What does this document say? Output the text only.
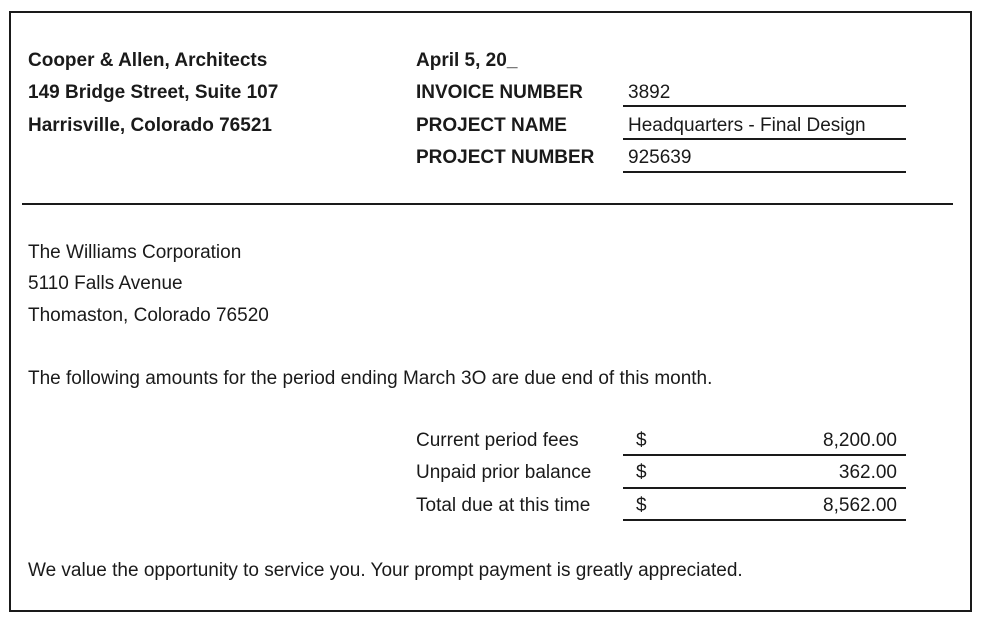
Cooper & Allen, Architects
149 Bridge Street, Suite 107
Harrisville, Colorado 76521
April 5, 20_
INVOICE NUMBER 3892
PROJECT NAME	Headquarters - Final Design
PROJECT NUMBER 925639
The Williams Corporation
5110 Falls Avenue
Thomaston, Colorado 76520
The following amounts for the period ending March 3O are due end of this month.
Current period fees	$	8,200.00
Unpaid prior balance $	362.00
Total due at this time $	8,562.00
We value the opportunity to service you. Your prompt payment is greatly appreciated.
